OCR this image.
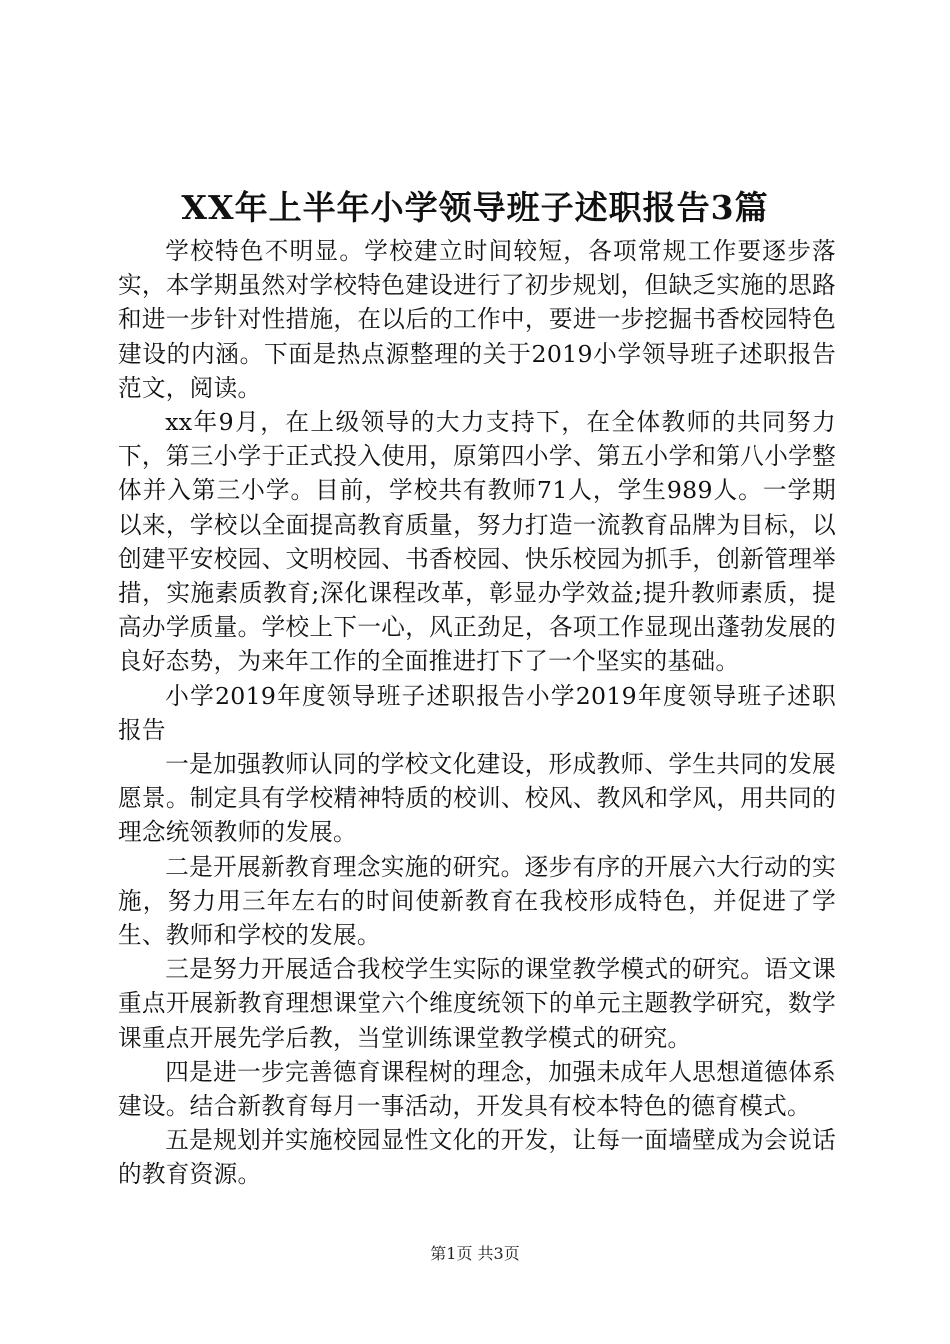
XX年上半年小学领导班子述职报告3篇

学校特色不明显。学校建立时间较短，各项常规工作要逐步落实，本学期虽然对学校特色建设进行了初步规划，但缺乏实施的思路和进一步针对性措施，在以后的工作中，要进一步挖掘书香校园特色建设的内涵。下面是热点源整理的关于2019小学领导班子述职报告范文，阅读。

xx年9月，在上级领导的大力支持下，在全体教师的共同努力下，第三小学于正式投入使用，原第四小学、第五小学和第八小学整体并入第三小学。目前，学校共有教师71人，学生989人。一学期以来，学校以全面提高教育质量，努力打造一流教育品牌为目标，以创建平安校园、文明校园、书香校园、快乐校园为抓手，创新管理举措，实施素质教育;深化课程改革，彰显办学效益;提升教师素质，提高办学质量。学校上下一心，风正劲足，各项工作显现出蓬勃发展的良好态势，为来年工作的全面推进打下了一个坚实的基础。

小学2019年度领导班子述职报告小学2019年度领导班子述职报告

一是加强教师认同的学校文化建设，形成教师、学生共同的发展愿景。制定具有学校精神特质的校训、校风、教风和学风，用共同的理念统领教师的发展。

二是开展新教育理念实施的研究。逐步有序的开展六大行动的实施，努力用三年左右的时间使新教育在我校形成特色，并促进了学生、教师和学校的发展。

三是努力开展适合我校学生实际的课堂教学模式的研究。语文课重点开展新教育理想课堂六个维度统领下的单元主题教学研究，数学课重点开展先学后教，当堂训练课堂教学模式的研究。

四是进一步完善德育课程树的理念，加强未成年人思想道德体系建设。结合新教育每月一事活动，开发具有校本特色的德育模式。

五是规划并实施校园显性文化的开发，让每一面墙壁成为会说话的教育资源。

第1页 共3页
